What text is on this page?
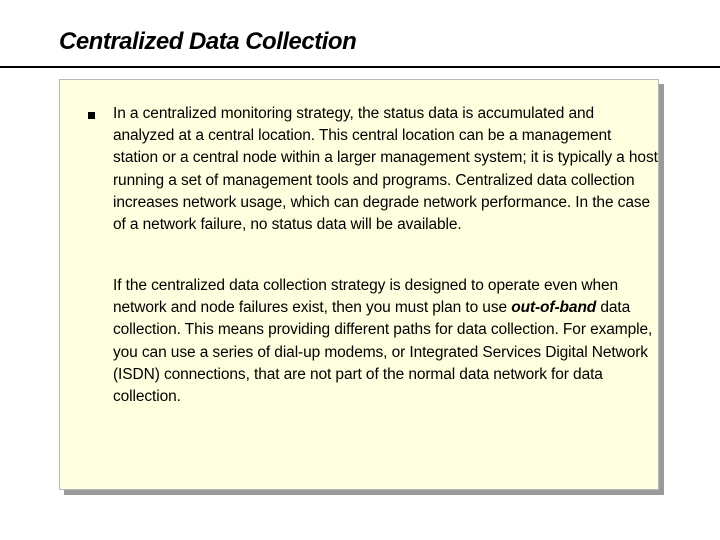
Centralized Data Collection

In a centralized monitoring strategy, the status data is accumulated and analyzed at a central location. This central location can be a management station or a central node within a larger management system; it is typically a host running a set of management tools and programs. Centralized data collection increases network usage, which can degrade network performance. In the case of a network failure, no status data will be available.

If the centralized data collection strategy is designed to operate even when network and node failures exist, then you must plan to use out-of-band data collection. This means providing different paths for data collection. For example, you can use a series of dial-up modems, or Integrated Services Digital Network (ISDN) connections, that are not part of the normal data network for data collection.
